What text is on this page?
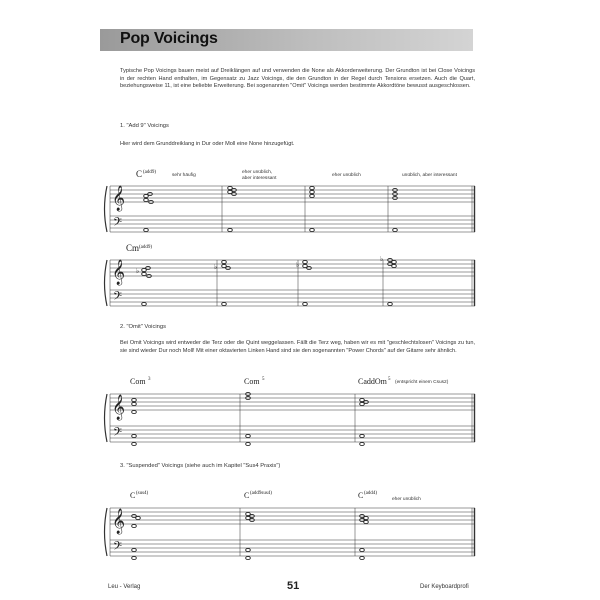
Pop Voicings

Typische Pop Voicings bauen meist auf Dreiklängen auf und verwenden die None als Akkorderweiterung. Der Grundton ist bei Close Voicings in der rechten Hand enthalten, im Gegensatz zu Jazz Voicings, die den Grundton in der Regel durch Tensions ersetzen. Auch die Quart, beziehungsweise 11, ist eine beliebte Erweiterung. Bei sogenannten "Omit" Voicings werden bestimmte Akkordtöne bewusst ausgeschlossen.

1. "Add 9" Voicings
Hier wird dem Grunddreiklang in Dur oder Moll eine None hinzugefügt.
C (add9)
sehr häufig
eher unüblich,
aber interessant
eher unüblich	unüblich, aber interessant
𝄞
𝄢
Cm (add9)
𝄞
𝄢
♭	♭	♭
♭
2. "Omit" Voicings

Bei Omit Voicings wird entweder die Terz oder die Quint weggelassen. Fällt die Terz weg, haben wir es mit "geschlechtslosen" Voicings zu tun, sie sind wieder Dur noch Moll! Mit einer oktavierten Linken Hand sind sie den sogenannten "Power Chords" auf der Gitarre sehr ähnlich.

Com 3	Com 5	CaddOm 5
(entspricht einem Csus2)
𝄞
𝄢
3. "Suspended" Voicings (siehe auch im Kapitel "Sus4 Praxis")
C (sus4)	C (add9sus4)	C (add4)
eher unüblich
𝄞
𝄢
Leu - Verlag	51	Der Keyboardprofi
